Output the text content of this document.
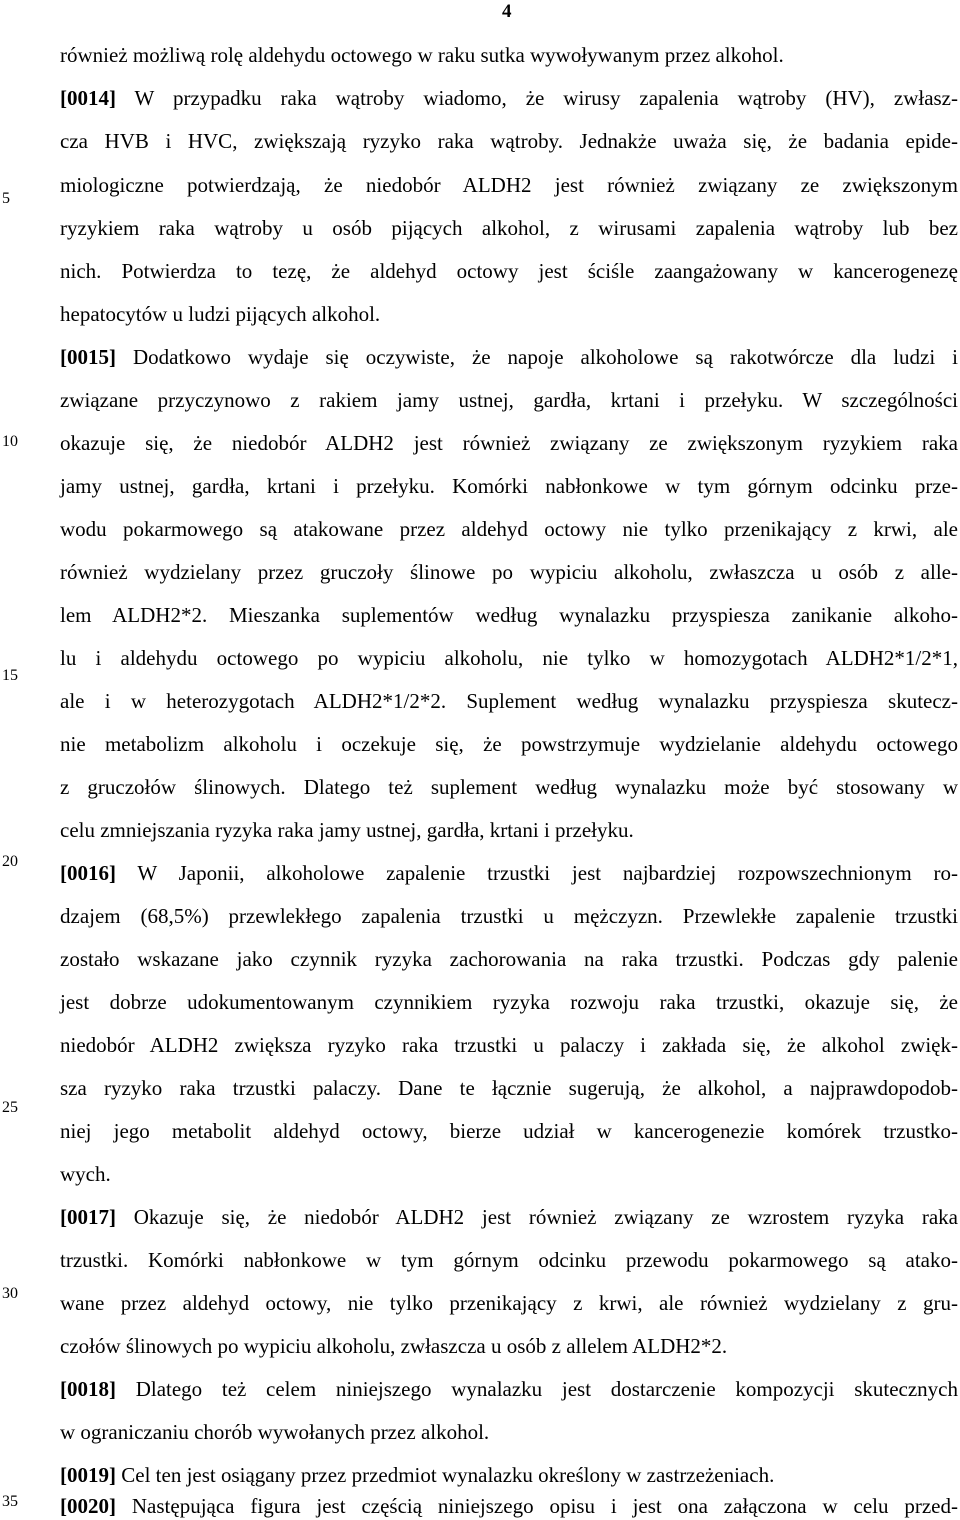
4
5
10
15
20
25
30
35
również możliwą rolę aldehydu octowego w raku sutka wywoływanym przez alkohol.
[0014] W przypadku raka wątroby wiadomo, że wirusy zapalenia wątroby (HV), zwłasz-
cza HVB i HVC, zwiększają ryzyko raka wątroby. Jednakże uważa się, że badania epide-
miologiczne potwierdzają, że niedobór ALDH2 jest również związany ze zwiększonym
ryzykiem raka wątroby u osób pijących alkohol, z wirusami zapalenia wątroby lub bez
nich. Potwierdza to tezę, że aldehyd octowy jest ściśle zaangażowany w kancerogenezę
hepatocytów u ludzi pijących alkohol.
[0015] Dodatkowo wydaje się oczywiste, że napoje alkoholowe są rakotwórcze dla ludzi i
związane przyczynowo z rakiem jamy ustnej, gardła, krtani i przełyku. W szczególności
okazuje się, że niedobór ALDH2 jest również związany ze zwiększonym ryzykiem raka
jamy ustnej, gardła, krtani i przełyku. Komórki nabłonkowe w tym górnym odcinku prze-
wodu pokarmowego są atakowane przez aldehyd octowy nie tylko przenikający z krwi, ale
również wydzielany przez gruczoły ślinowe po wypiciu alkoholu, zwłaszcza u osób z alle-
lem ALDH2*2. Mieszanka suplementów według wynalazku przyspiesza zanikanie alkoho-
lu i aldehydu octowego po wypiciu alkoholu, nie tylko w homozygotach ALDH2*1/2*1,
ale i w heterozygotach ALDH2*1/2*2. Suplement według wynalazku przyspiesza skutecz-
nie metabolizm alkoholu i oczekuje się, że powstrzymuje wydzielanie aldehydu octowego
z gruczołów ślinowych. Dlatego też suplement według wynalazku może być stosowany w
celu zmniejszania ryzyka raka jamy ustnej, gardła, krtani i przełyku.
[0016] W Japonii, alkoholowe zapalenie trzustki jest najbardziej rozpowszechnionym ro-
dzajem (68,5%) przewlekłego zapalenia trzustki u mężczyzn. Przewlekłe zapalenie trzustki
zostało wskazane jako czynnik ryzyka zachorowania na raka trzustki. Podczas gdy palenie
jest dobrze udokumentowanym czynnikiem ryzyka rozwoju raka trzustki, okazuje się, że
niedobór ALDH2 zwiększa ryzyko raka trzustki u palaczy i zakłada się, że alkohol zwięk-
sza ryzyko raka trzustki palaczy. Dane te łącznie sugerują, że alkohol, a najprawdopodob-
niej jego metabolit aldehyd octowy, bierze udział w kancerogenezie komórek trzustko-
wych.
[0017] Okazuje się, że niedobór ALDH2 jest również związany ze wzrostem ryzyka raka
trzustki. Komórki nabłonkowe w tym górnym odcinku przewodu pokarmowego są atako-
wane przez aldehyd octowy, nie tylko przenikający z krwi, ale również wydzielany z gru-
czołów ślinowych po wypiciu alkoholu, zwłaszcza u osób z allelem ALDH2*2.
[0018] Dlatego też celem niniejszego wynalazku jest dostarczenie kompozycji skutecznych
w ograniczaniu chorób wywołanych przez alkohol.
[0019] Cel ten jest osiągany przez przedmiot wynalazku określony w zastrzeżeniach.
[0020] Następująca figura jest częścią niniejszego opisu i jest ona załączona w celu przed-
